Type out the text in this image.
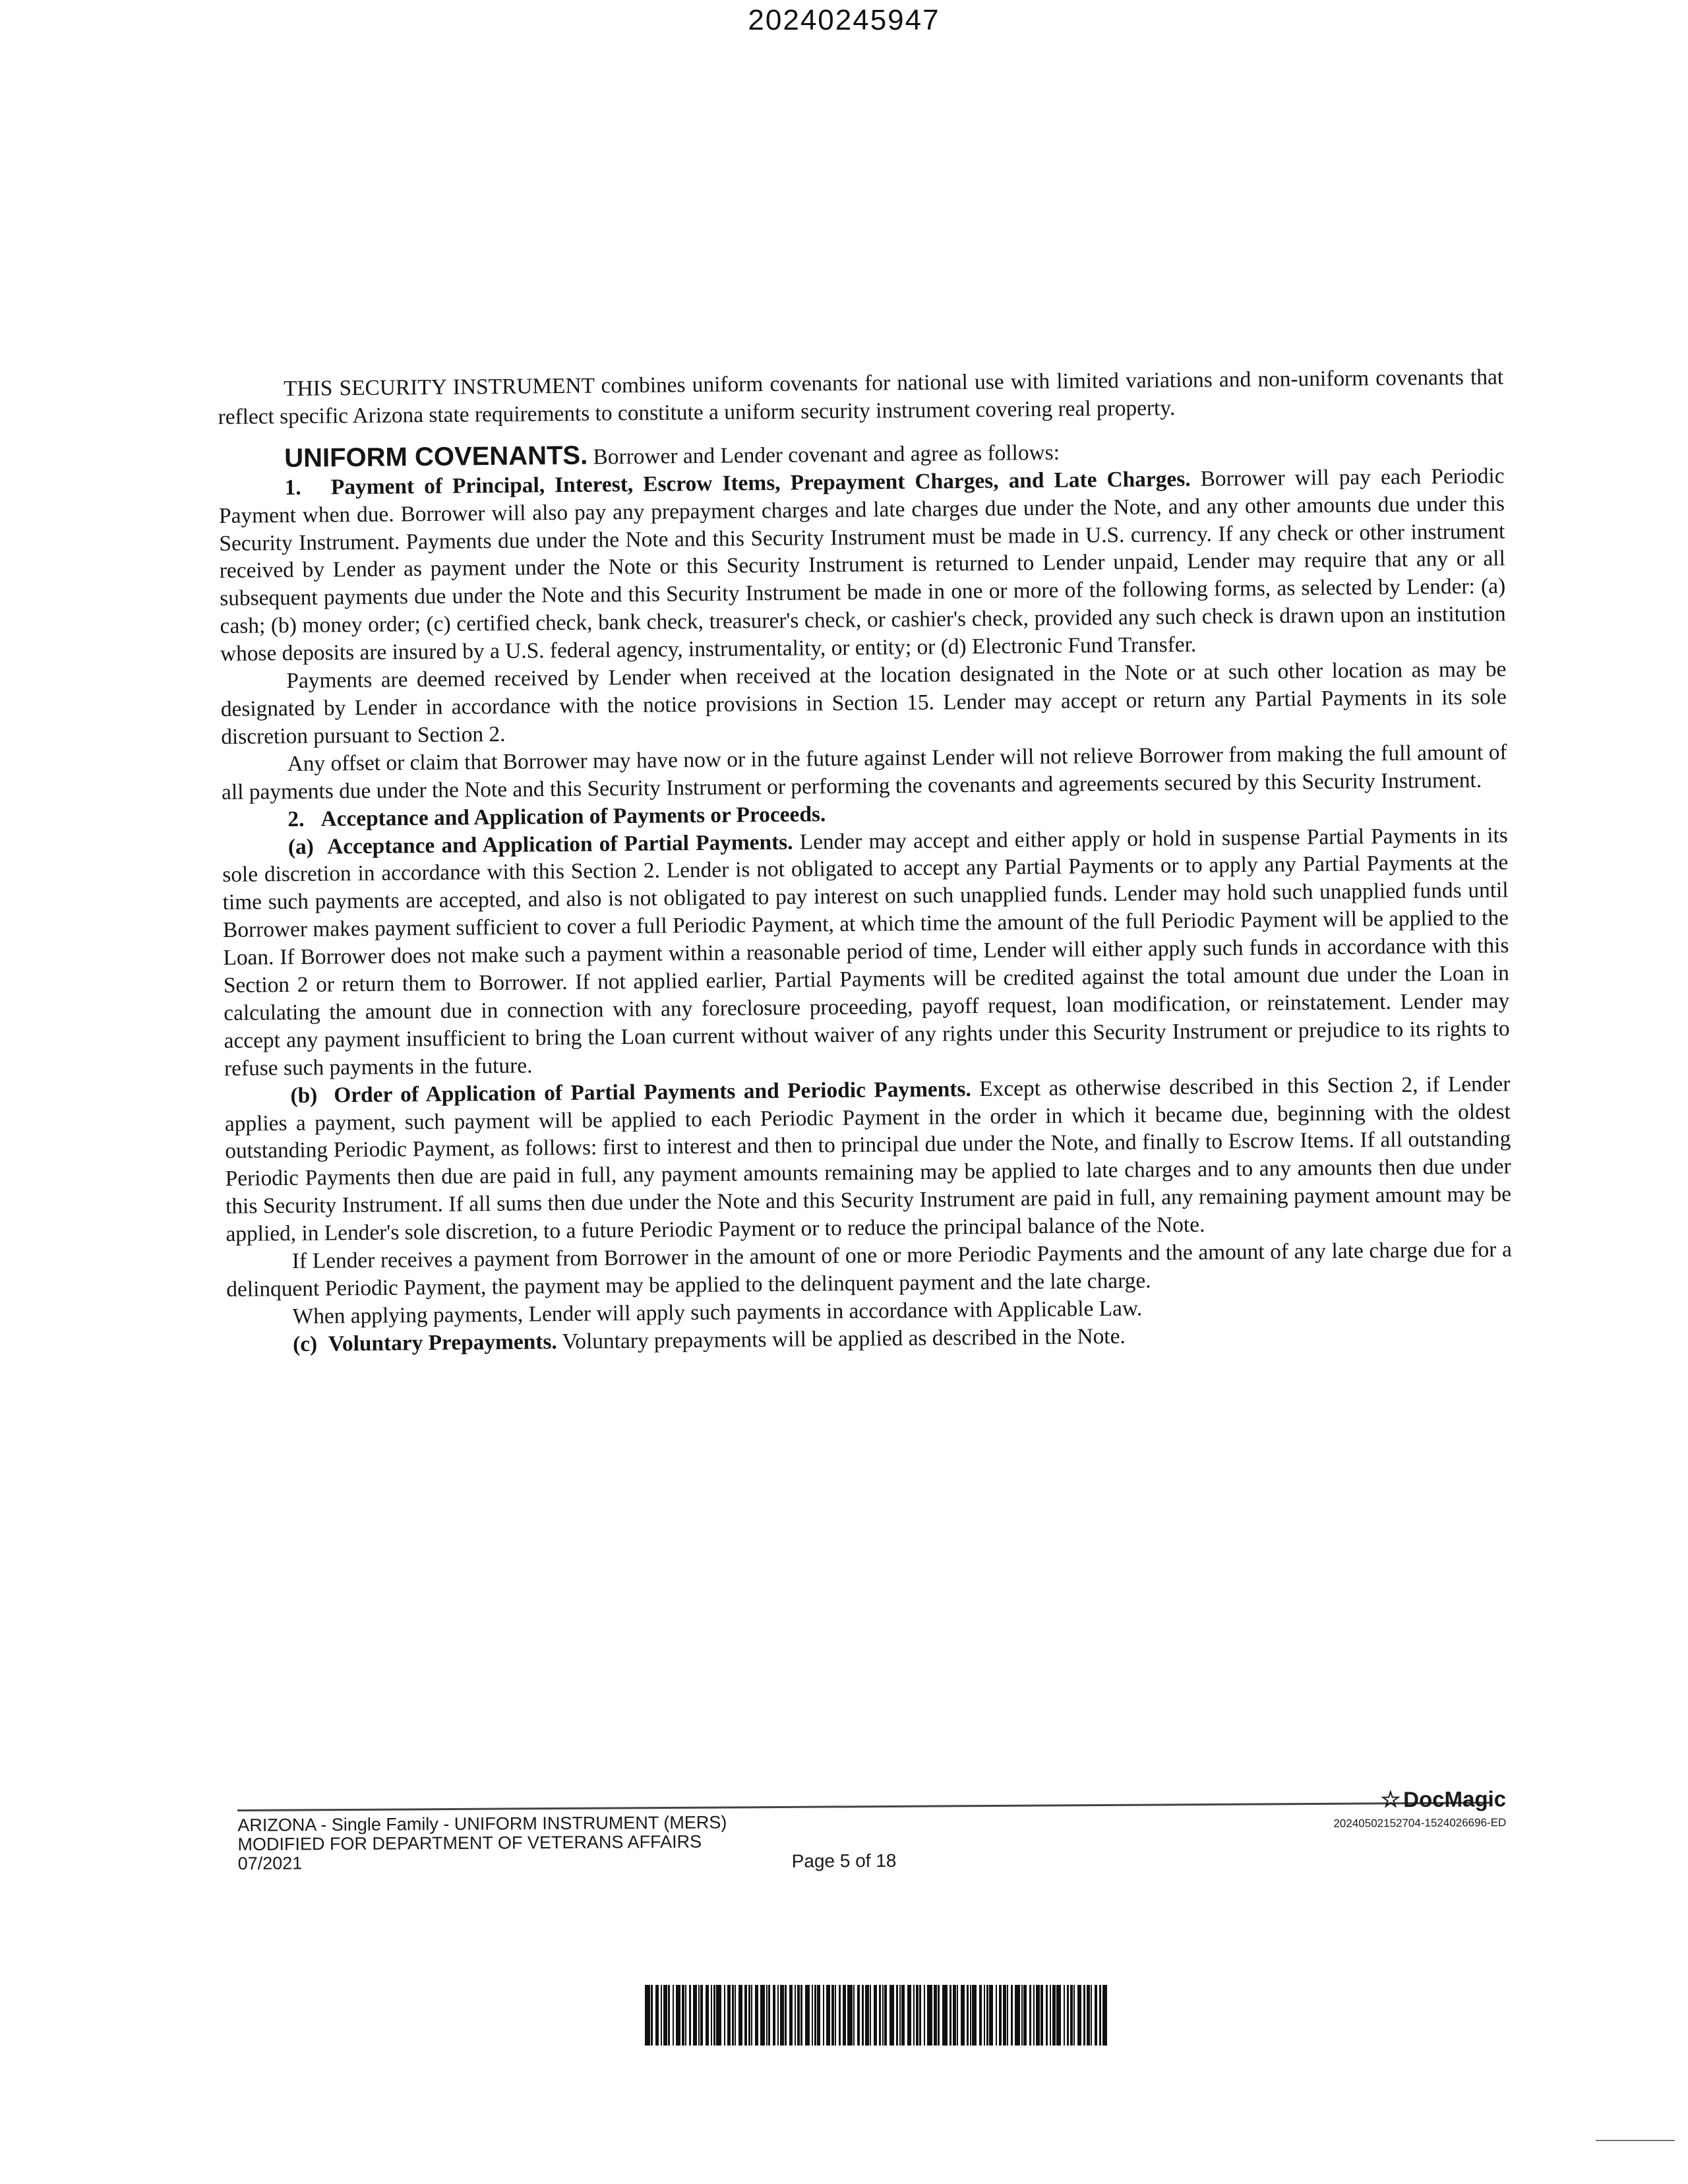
20240245947

THIS SECURITY INSTRUMENT combines uniform covenants for national use with limited variations and non-uniform covenants that reflect specific Arizona state requirements to constitute a uniform security instrument covering real property.

UNIFORM COVENANTS. Borrower and Lender covenant and agree as follows:

1.   Payment of Principal, Interest, Escrow Items, Prepayment Charges, and Late Charges. Borrower will pay each Periodic Payment when due. Borrower will also pay any prepayment charges and late charges due under the Note, and any other amounts due under this Security Instrument. Payments due under the Note and this Security Instrument must be made in U.S. currency. If any check or other instrument received by Lender as payment under the Note or this Security Instrument is returned to Lender unpaid, Lender may require that any or all subsequent payments due under the Note and this Security Instrument be made in one or more of the following forms, as selected by Lender: (a) cash; (b) money order; (c) certified check, bank check, treasurer's check, or cashier's check, provided any such check is drawn upon an institution whose deposits are insured by a U.S. federal agency, instrumentality, or entity; or (d) Electronic Fund Transfer.

Payments are deemed received by Lender when received at the location designated in the Note or at such other location as may be designated by Lender in accordance with the notice provisions in Section 15. Lender may accept or return any Partial Payments in its sole discretion pursuant to Section 2.

Any offset or claim that Borrower may have now or in the future against Lender will not relieve Borrower from making the full amount of all payments due under the Note and this Security Instrument or performing the covenants and agreements secured by this Security Instrument.

2.   Acceptance and Application of Payments or Proceeds.

(a)  Acceptance and Application of Partial Payments. Lender may accept and either apply or hold in suspense Partial Payments in its sole discretion in accordance with this Section 2. Lender is not obligated to accept any Partial Payments or to apply any Partial Payments at the time such payments are accepted, and also is not obligated to pay interest on such unapplied funds. Lender may hold such unapplied funds until Borrower makes payment sufficient to cover a full Periodic Payment, at which time the amount of the full Periodic Payment will be applied to the Loan. If Borrower does not make such a payment within a reasonable period of time, Lender will either apply such funds in accordance with this Section 2 or return them to Borrower. If not applied earlier, Partial Payments will be credited against the total amount due under the Loan in calculating the amount due in connection with any foreclosure proceeding, payoff request, loan modification, or reinstatement. Lender may accept any payment insufficient to bring the Loan current without waiver of any rights under this Security Instrument or prejudice to its rights to refuse such payments in the future.

(b)  Order of Application of Partial Payments and Periodic Payments. Except as otherwise described in this Section 2, if Lender applies a payment, such payment will be applied to each Periodic Payment in the order in which it became due, beginning with the oldest outstanding Periodic Payment, as follows: first to interest and then to principal due under the Note, and finally to Escrow Items. If all outstanding Periodic Payments then due are paid in full, any payment amounts remaining may be applied to late charges and to any amounts then due under this Security Instrument. If all sums then due under the Note and this Security Instrument are paid in full, any remaining payment amount may be applied, in Lender's sole discretion, to a future Periodic Payment or to reduce the principal balance of the Note.

If Lender receives a payment from Borrower in the amount of one or more Periodic Payments and the amount of any late charge due for a delinquent Periodic Payment, the payment may be applied to the delinquent payment and the late charge.

When applying payments, Lender will apply such payments in accordance with Applicable Law.

(c)  Voluntary Prepayments. Voluntary prepayments will be applied as described in the Note.

ARIZONA - Single Family - UNIFORM INSTRUMENT (MERS)
MODIFIED FOR DEPARTMENT OF VETERANS AFFAIRS
07/2021	Page 5 of 18
☆ DocMagic
20240502152704-1524026696-ED
